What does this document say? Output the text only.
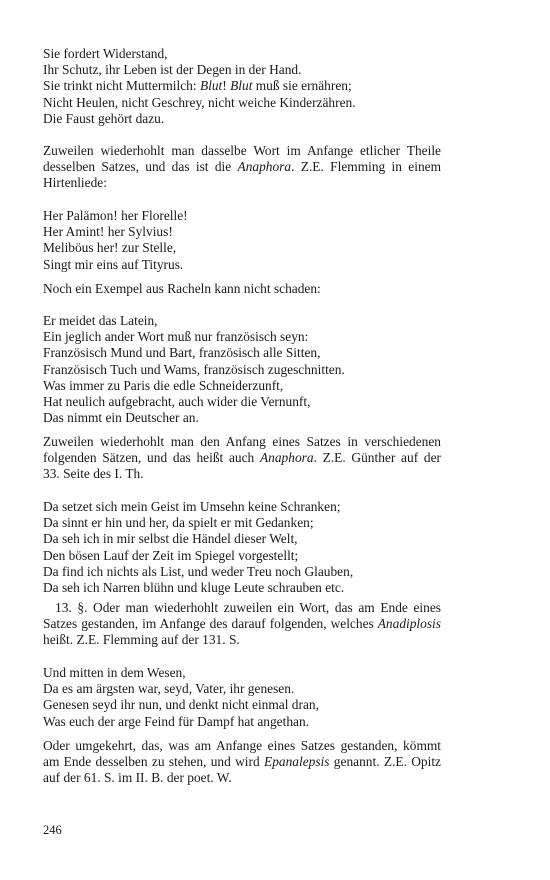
Sie fordert Widerstand,
Ihr Schutz, ihr Leben ist der Degen in der Hand.
Sie trinkt nicht Muttermilch: Blut! Blut muß sie ernähren;
Nicht Heulen, nicht Geschrey, nicht weiche Kinderzähren.
Die Faust gehört dazu.
Zuweilen wiederhohlt man dasselbe Wort im Anfange etlicher Theile
desselben Satzes, und das ist die Anaphora. Z.E. Flemming in einem
Hirtenliede:
Her Palämon! her Florelle!
Her Amint! her Sylvius!
Meliböus her! zur Stelle,
Singt mir eins auf Tityrus.
Noch ein Exempel aus Racheln kann nicht schaden:
Er meidet das Latein,
Ein jeglich ander Wort muß nur französisch seyn:
Französisch Mund und Bart, französisch alle Sitten,
Französisch Tuch und Wams, französisch zugeschnitten.
Was immer zu Paris die edle Schneiderzunft,
Hat neulich aufgebracht, auch wider die Vernunft,
Das nimmt ein Deutscher an.
Zuweilen wiederhohlt man den Anfang eines Satzes in verschiedenen
folgenden Sätzen, und das heißt auch Anaphora. Z.E. Günther auf der
33. Seite des I. Th.
Da setzet sich mein Geist im Umsehn keine Schranken;
Da sinnt er hin und her, da spielt er mit Gedanken;
Da seh ich in mir selbst die Händel dieser Welt,
Den bösen Lauf der Zeit im Spiegel vorgestellt;
Da find ich nichts als List, und weder Treu noch Glauben,
Da seh ich Narren blühn und kluge Leute schrauben etc.
13. §. Oder man wiederhohlt zuweilen ein Wort, das am Ende eines
Satzes gestanden, im Anfange des darauf folgenden, welches Anadiplosis
heißt. Z.E. Flemming auf der 131. S.
Und mitten in dem Wesen,
Da es am ärgsten war, seyd, Vater, ihr genesen.
Genesen seyd ihr nun, und denkt nicht einmal dran,
Was euch der arge Feind für Dampf hat angethan.
Oder umgekehrt, das, was am Anfange eines Satzes gestanden, kömmt
am Ende desselben zu stehen, und wird Epanalepsis genannt. Z.E. Opitz
auf der 61. S. im II. B. der poet. W.
246
